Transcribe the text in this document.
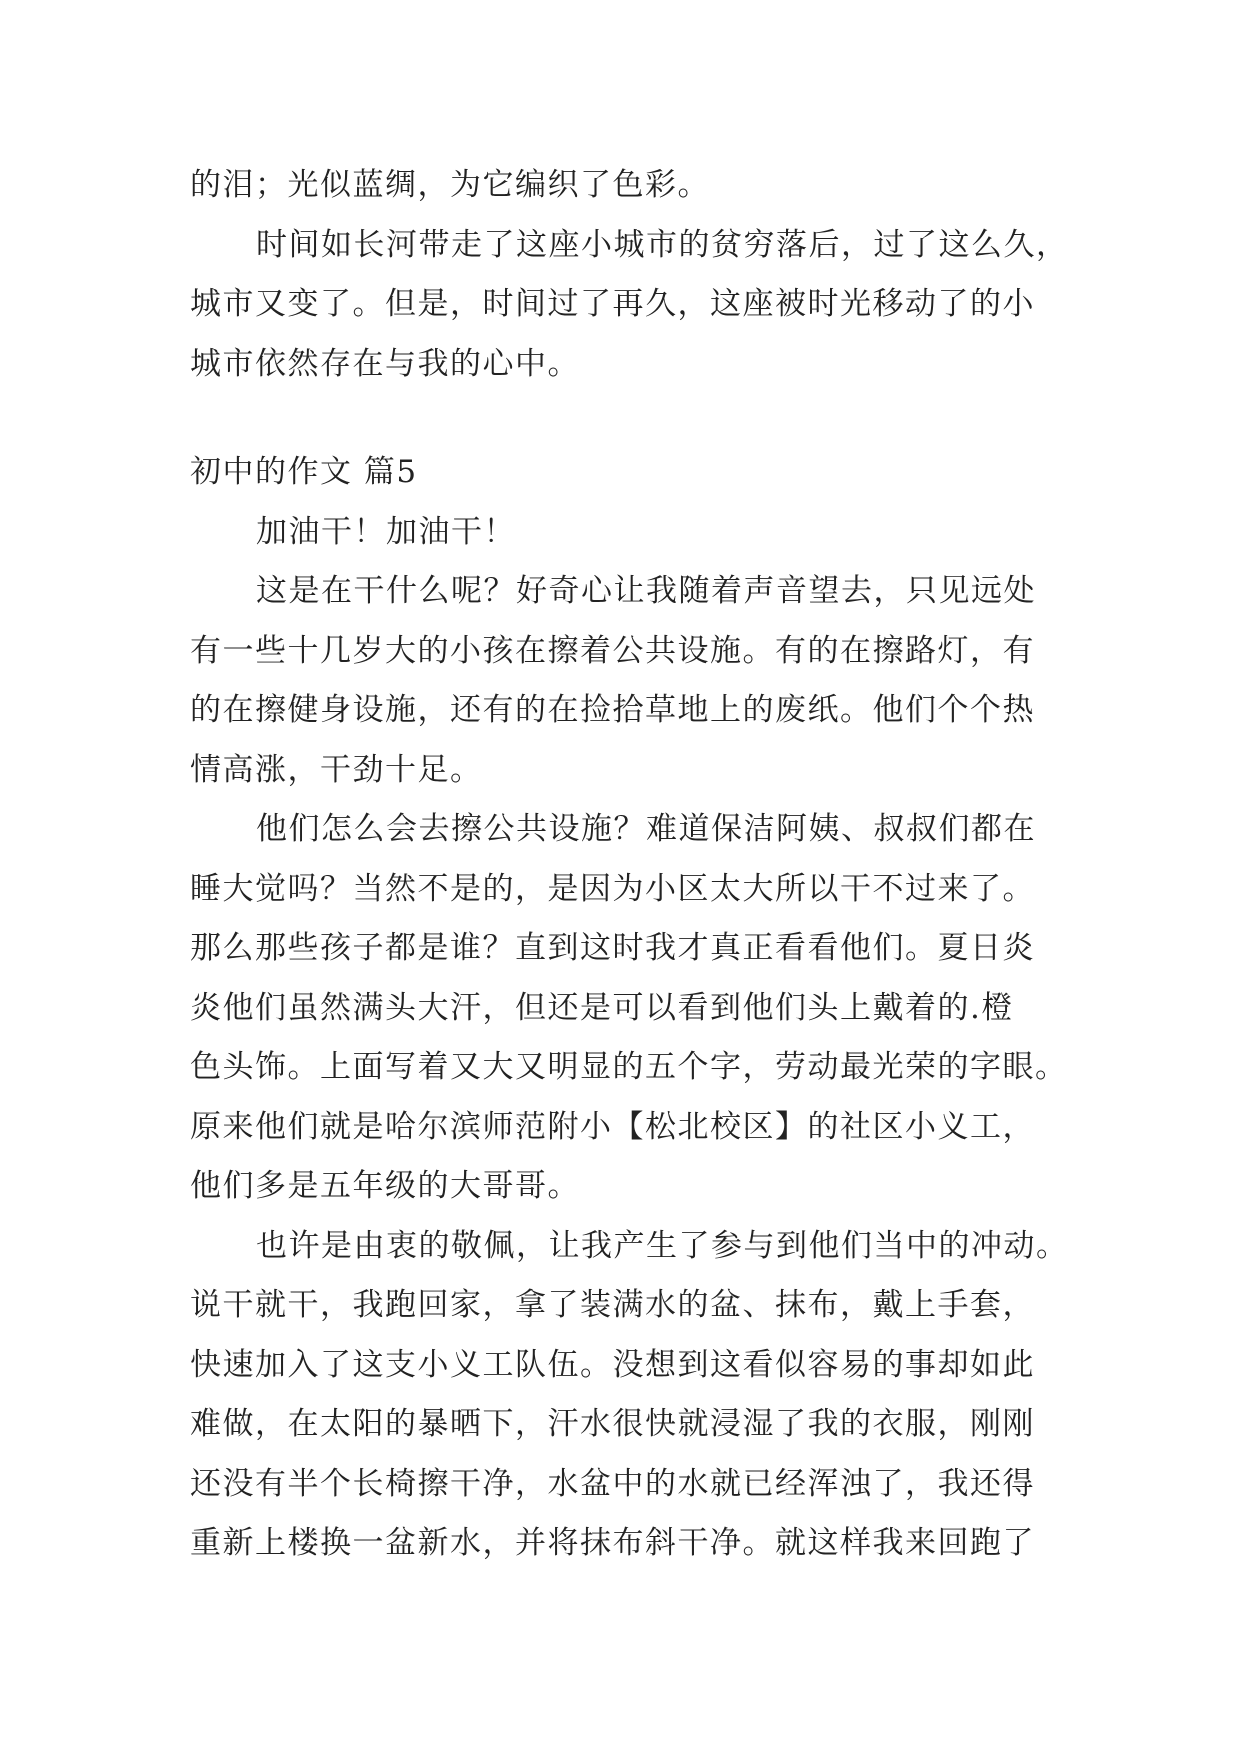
的泪；光似蓝绸，为它编织了色彩。
时间如长河带走了这座小城市的贫穷落后，过了这么久，
城市又变了。但是，时间过了再久，这座被时光移动了的小
城市依然存在与我的心中。
初中的作文 篇5
加油干！加油干！
这是在干什么呢？好奇心让我随着声音望去，只见远处
有一些十几岁大的小孩在擦着公共设施。有的在擦路灯，有
的在擦健身设施，还有的在捡拾草地上的废纸。他们个个热
情高涨，干劲十足。
他们怎么会去擦公共设施？难道保洁阿姨、叔叔们都在
睡大觉吗？当然不是的，是因为小区太大所以干不过来了。
那么那些孩子都是谁？直到这时我才真正看看他们。夏日炎
炎他们虽然满头大汗，但还是可以看到他们头上戴着的.橙
色头饰。上面写着又大又明显的五个字，劳动最光荣的字眼。
原来他们就是哈尔滨师范附小【松北校区】的社区小义工，
他们多是五年级的大哥哥。
也许是由衷的敬佩，让我产生了参与到他们当中的冲动。
说干就干，我跑回家，拿了装满水的盆、抹布，戴上手套，
快速加入了这支小义工队伍。没想到这看似容易的事却如此
难做，在太阳的暴晒下，汗水很快就浸湿了我的衣服，刚刚
还没有半个长椅擦干净，水盆中的水就已经浑浊了，我还得
重新上楼换一盆新水，并将抹布斜干净。就这样我来回跑了
